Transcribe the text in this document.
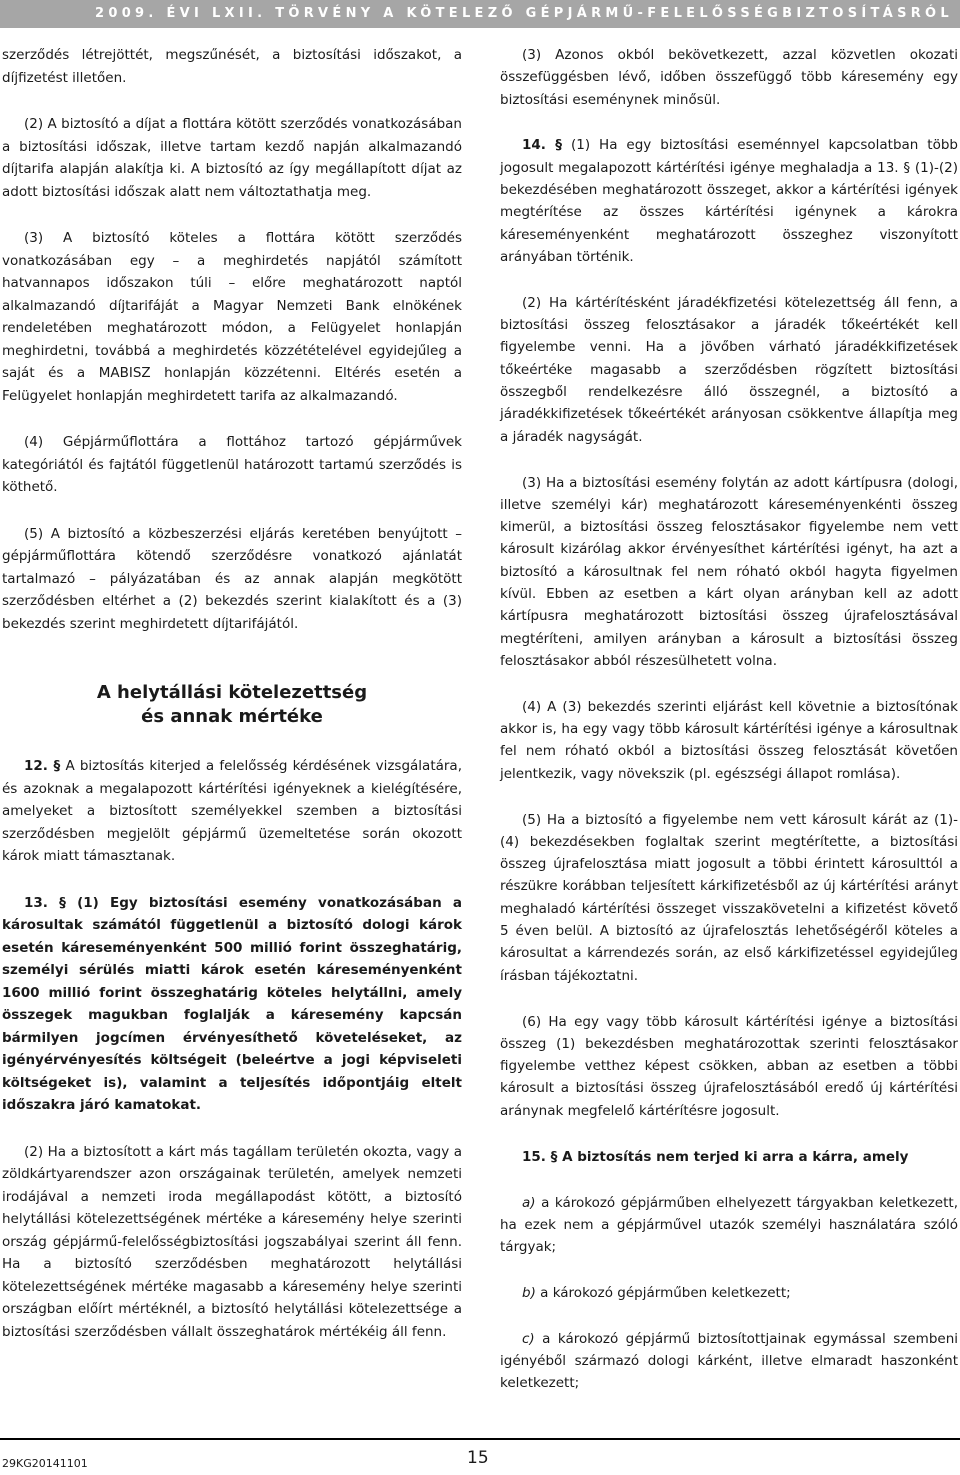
2009. ÉVI LXII. TÖRVÉNY A KÖTELEZŐ GÉPJÁRMŰ-FELELŐSSÉGBIZTOSÍTÁSRÓL

szerződés létrejöttét, megszűnését, a biztosítási időszakot, a díjfizetést illetően.

(2) A biztosító a díjat a flottára kötött szerződés vonatkozásában a biztosítási időszak, illetve tartam kezdő napján alkalmazandó díjtarifa alapján alakítja ki. A biztosító az így megállapított díjat az adott biztosítási időszak alatt nem változtathatja meg.

(3) A biztosító köteles a flottára kötött szerződés vonatkozásában egy – a meghirdetés napjától számított hatvannapos időszakon túli – előre meghatározott naptól alkalmazandó díjtarifáját a Magyar Nemzeti Bank elnökének rendeletében meghatározott módon, a Felügyelet honlapján meghirdetni, továbbá a meghirdetés közzétételével egyidejűleg a saját és a MABISZ honlapján közzétenni. Eltérés esetén a Felügyelet honlapján meghirdetett tarifa az alkalmazandó.

(4) Gépjárműflottára a flottához tartozó gépjárművek kategóriától és fajtától függetlenül határozott tartamú szerződés is köthető.

(5) A biztosító a közbeszerzési eljárás keretében benyújtott – gépjárműflottára kötendő szerződésre vonatkozó ajánlatát tartalmazó – pályázatában és az annak alapján megkötött szerződésben eltérhet a (2) bekezdés szerint kialakított és a (3) bekezdés szerint meghirdetett díjtarifájától.

A helytállási kötelezettség
és annak mértéke

12. § A biztosítás kiterjed a felelősség kérdésének vizsgálatára, és azoknak a megalapozott kártérítési igényeknek a kielégítésére, amelyeket a biztosított személyekkel szemben a biztosítási szerződésben megjelölt gépjármű üzemeltetése során okozott károk miatt támasztanak.

13. § (1) Egy biztosítási esemény vonatkozásában a károsultak számától függetlenül a biztosító dologi károk esetén káreseményenként 500 millió forint összeghatárig, személyi sérülés miatti károk esetén káreseményenként 1600 millió forint összeghatárig köteles helytállni, amely összegek magukban foglalják a káresemény kapcsán bármilyen jogcímen érvényesíthető követeléseket, az igényérvényesítés költségeit (beleértve a jogi képviseleti költségeket is), valamint a teljesítés időpontjáig eltelt időszakra járó kamatokat.

(2) Ha a biztosított a kárt más tagállam területén okozta, vagy a zöldkártyarendszer azon országainak területén, amelyek nemzeti irodájával a nemzeti iroda megállapodást kötött, a biztosító helytállási kötelezettségének mértéke a káresemény helye szerinti ország gépjármű-felelősségbiztosítási jogszabályai szerint áll fenn. Ha a biztosító szerződésben meghatározott helytállási kötelezettségének mértéke magasabb a káresemény helye szerinti országban előírt mértéknél, a biztosító helytállási kötelezettsége a biztosítási szerződésben vállalt összeghatárok mértékéig áll fenn.

(3) Azonos okból bekövetkezett, azzal közvetlen okozati összefüggésben lévő, időben összefüggő több káresemény egy biztosítási eseménynek minősül.

14. § (1) Ha egy biztosítási eseménnyel kapcsolatban több jogosult megalapozott kártérítési igénye meghaladja a 13. § (1)-(2) bekezdésében meghatározott összeget, akkor a kártérítési igények megtérítése az összes kártérítési igénynek a károkra káreseményenként meghatározott összeghez viszonyított arányában történik.

(2) Ha kártérítésként járadékfizetési kötelezettség áll fenn, a biztosítási összeg felosztásakor a járadék tőkeértékét kell figyelembe venni. Ha a jövőben várható járadékkifizetések tőkeértéke magasabb a szerződésben rögzített biztosítási összegből rendelkezésre álló összegnél, a biztosító a járadékkifizetések tőkeértékét arányosan csökkentve állapítja meg a járadék nagyságát.

(3) Ha a biztosítási esemény folytán az adott kártípusra (dologi, illetve személyi kár) meghatározott káreseményenkénti összeg kimerül, a biztosítási összeg felosztásakor figyelembe nem vett károsult kizárólag akkor érvényesíthet kártérítési igényt, ha azt a biztosító a károsultnak fel nem róható okból hagyta figyelmen kívül. Ebben az esetben a kárt olyan arányban kell az adott kártípusra meghatározott biztosítási összeg újrafelosztásával megtéríteni, amilyen arányban a károsult a biztosítási összeg felosztásakor abból részesülhetett volna.

(4) A (3) bekezdés szerinti eljárást kell követnie a biztosítónak akkor is, ha egy vagy több károsult kártérítési igénye a károsultnak fel nem róható okból a biztosítási összeg felosztását követően jelentkezik, vagy növekszik (pl. egészségi állapot romlása).

(5) Ha a biztosító a figyelembe nem vett károsult kárát az (1)-(4) bekezdésekben foglaltak szerint megtérítette, a biztosítási összeg újrafelosztása miatt jogosult a többi érintett károsulttól a részükre korábban teljesített kárkifizetésből az új kártérítési arányt meghaladó kártérítési összeget visszakövetelni a kifizetést követő 5 éven belül. A biztosító az újrafelosztás lehetőségéről köteles a károsultat a kárrendezés során, az első kárkifizetéssel egyidejűleg írásban tájékoztatni.

(6) Ha egy vagy több károsult kártérítési igénye a biztosítási összeg (1) bekezdésben meghatározottak szerinti felosztásakor figyelembe vetthez képest csökken, abban az esetben a többi károsult a biztosítási összeg újrafelosztásából eredő új kártérítési aránynak megfelelő kártérítésre jogosult.

15. § A biztosítás nem terjed ki arra a kárra, amely

a) a károkozó gépjárműben elhelyezett tárgyakban keletkezett, ha ezek nem a gépjárművel utazók személyi használatára szóló tárgyak;

b) a károkozó gépjárműben keletkezett;

c) a károkozó gépjármű biztosítottjainak egymással szembeni igényéből származó dologi kárként, illetve elmaradt haszonként keletkezett;

29KG20141101	15
